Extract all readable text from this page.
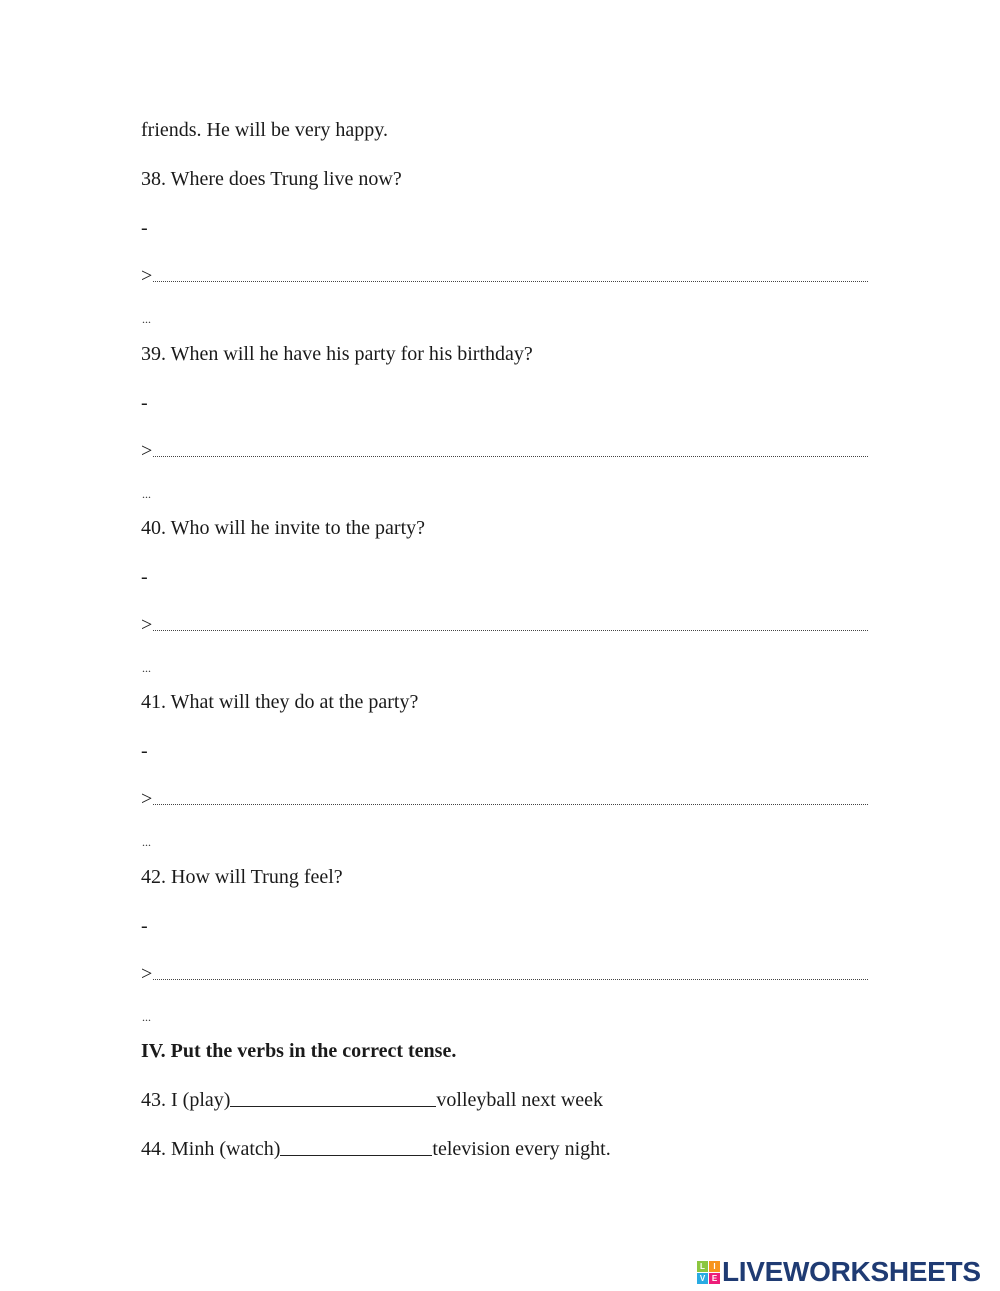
friends. He will be very happy.
38. Where does Trung live now?
-
>
...
39. When will he have his party for his birthday?
-
>
...
40. Who will he invite to the party?
-
>
...
41. What will they do at the party?
-
>
...
42. How will Trung feel?
-
>
...
IV. Put the verbs in the correct tense.
43. I (play)	volleyball next week
44. Minh (watch)	television every night.
L	I
V E LIVEWORKSHEETS
